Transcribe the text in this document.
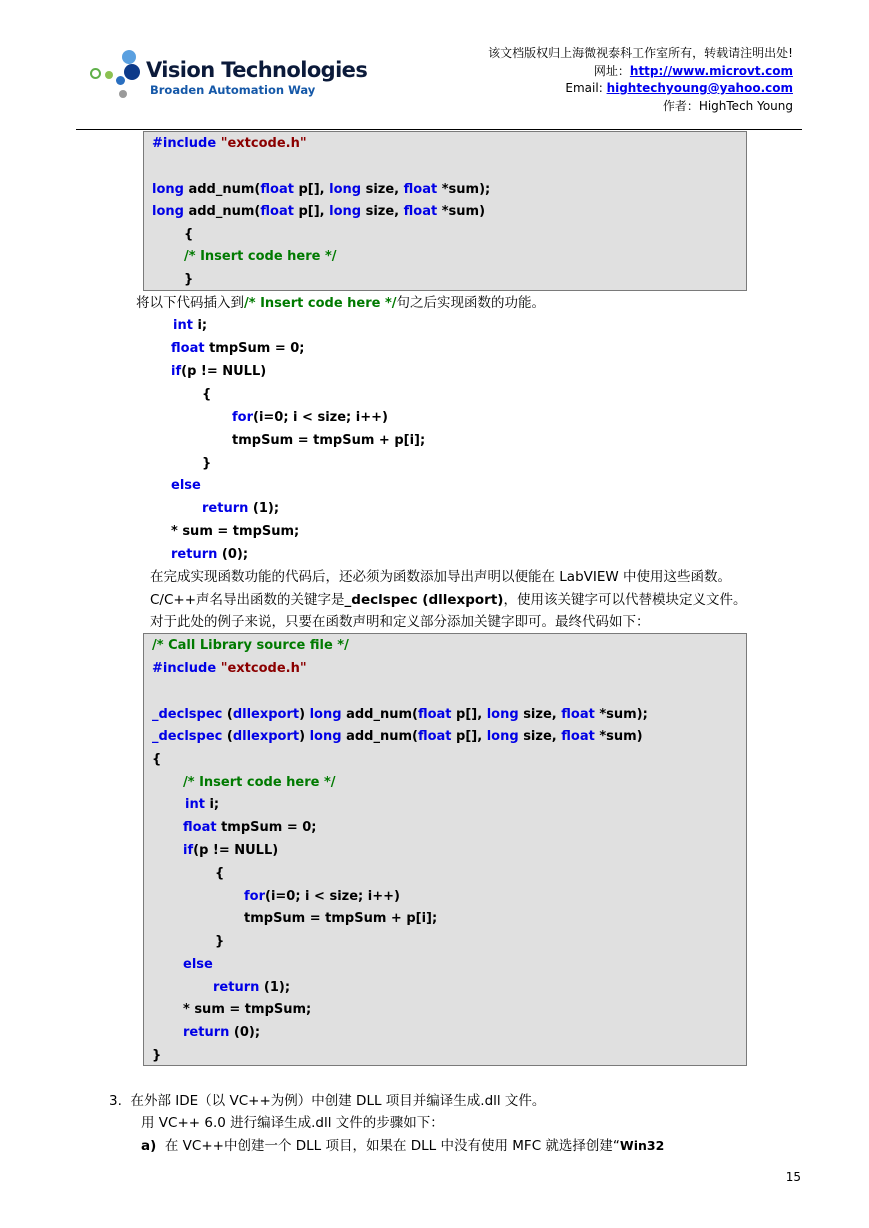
Vision Technologies
Broaden Automation Way
该文档版权归上海微视泰科工作室所有，转载请注明出处!
网址：http://www.microvt.com
Email: hightechyoung@yahoo.com
作者：HighTech Young
#include "extcode.h"
long add_num(float p[], long size, float *sum);
long add_num(float p[], long size, float *sum)
{
/* Insert code here */
}
将以下代码插入到/* Insert code here */句之后实现函数的功能。
int i;
float tmpSum = 0;
if(p != NULL)
{
for(i=0; i < size; i++)
tmpSum = tmpSum + p[i];
}
else
return (1);
* sum = tmpSum;
return (0);
在完成实现函数功能的代码后，还必须为函数添加导出声明以便能在 LabVIEW 中使用这些函数。
C/C++声名导出函数的关键字是_declspec (dllexport)，使用该关键字可以代替模块定义文件。
对于此处的例子来说，只要在函数声明和定义部分添加关键字即可。最终代码如下：
/* Call Library source file */
#include "extcode.h"
_declspec (dllexport) long add_num(float p[], long size, float *sum);
_declspec (dllexport) long add_num(float p[], long size, float *sum)
{
/* Insert code here */
int i;
float tmpSum = 0;
if(p != NULL)
{
for(i=0; i < size; i++)
tmpSum = tmpSum + p[i];
}
else
return (1);
* sum = tmpSum;
return (0);
}
3. 在外部 IDE（以 VC++为例）中创建 DLL 项目并编译生成.dll 文件。
用 VC++ 6.0 进行编译生成.dll 文件的步骤如下：
a) 在 VC++中创建一个 DLL 项目，如果在 DLL 中没有使用 MFC 就选择创建“Win32
15
